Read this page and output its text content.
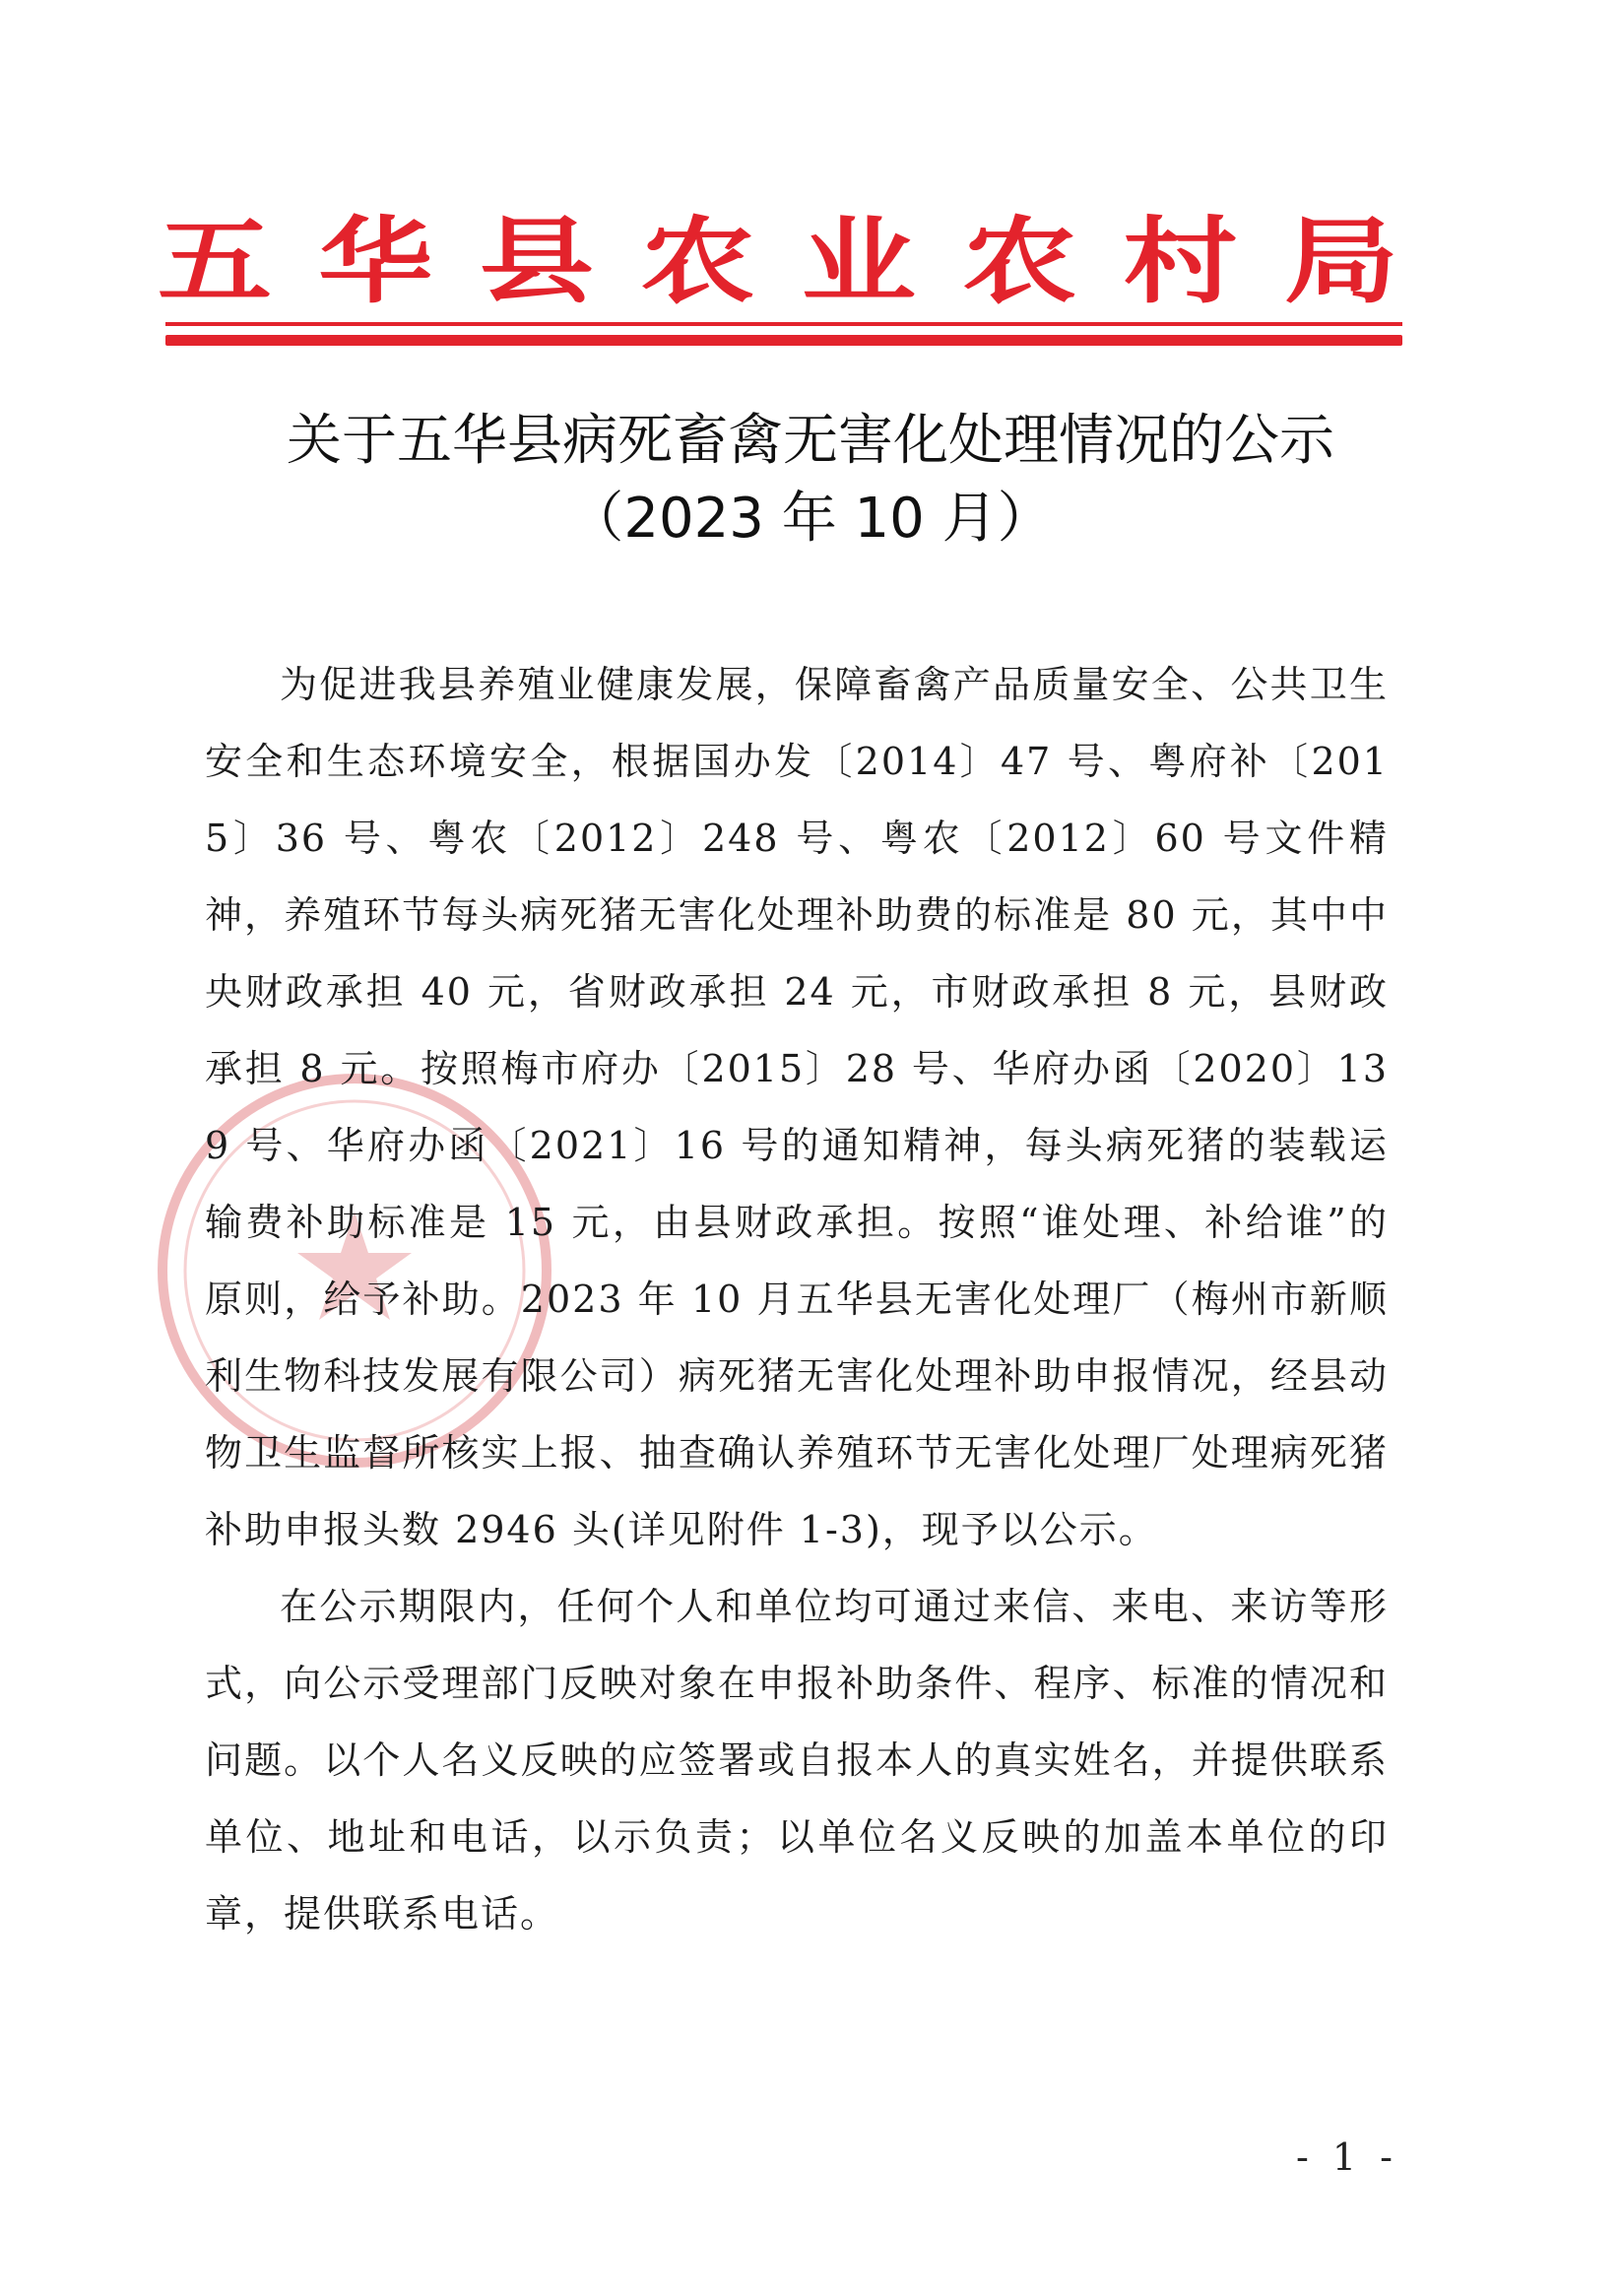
五 华 县 农 业 农 村 局
关于五华县病死畜禽无害化处理情况的公示
（2023 年 10 月）

为促进我县养殖业健康发展，保障畜禽产品质量安全、公共卫生安全和生态环境安全，根据国办发〔2014〕47 号、粤府补〔2015〕36 号、粤农〔2012〕248 号、粤农〔2012〕60 号文件精神，养殖环节每头病死猪无害化处理补助费的标准是 80 元，其中中央财政承担 40 元，省财政承担 24 元，市财政承担 8 元，县财政承担 8 元。按照梅市府办〔2015〕28 号、华府办函〔2020〕139 号、华府办函〔2021〕16 号的通知精神，每头病死猪的装载运输费补助标准是 15 元，由县财政承担。按照“谁处理、补给谁”的原则，给予补助。2023 年 10 月五华县无害化处理厂（梅州市新顺利生物科技发展有限公司）病死猪无害化处理补助申报情况，经县动物卫生监督所核实上报、抽查确认养殖环节无害化处理厂处理病死猪补助申报头数 2946 头(详见附件 1-3)，现予以公示。

在公示期限内，任何个人和单位均可通过来信、来电、来访等形式，向公示受理部门反映对象在申报补助条件、程序、标准的情况和问题。以个人名义反映的应签署或自报本人的真实姓名，并提供联系单位、地址和电话，以示负责；以单位名义反映的加盖本单位的印章，提供联系电话。

- 1 -
